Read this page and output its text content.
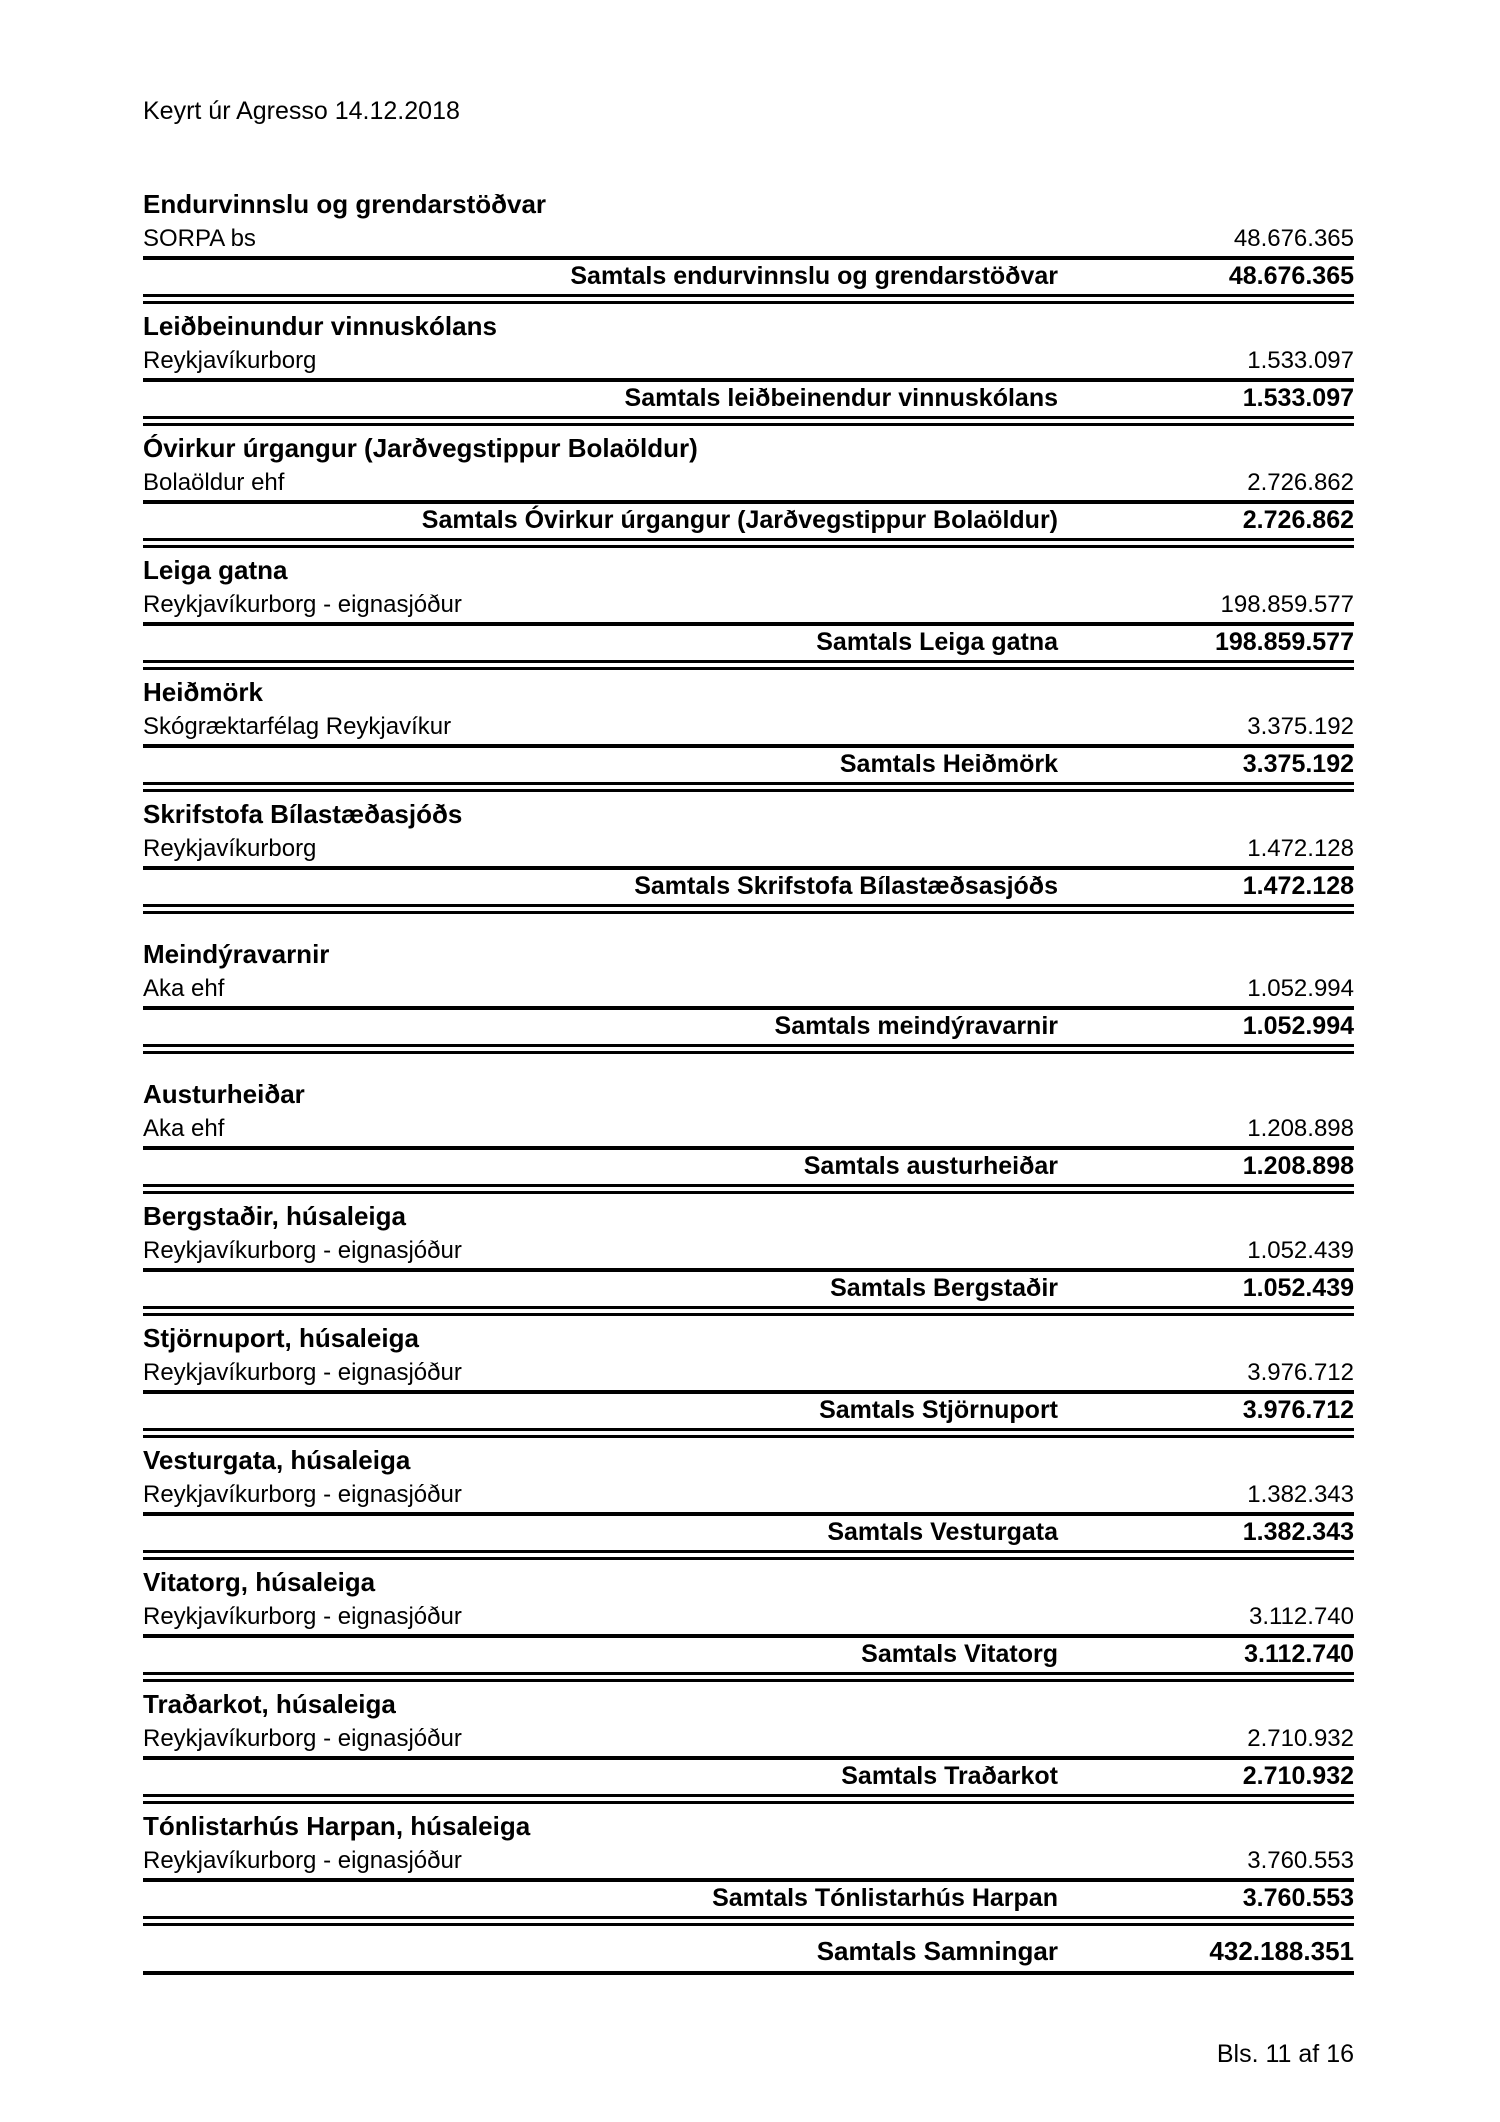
Keyrt úr Agresso 14.12.2018
Endurvinnslu og grendarstöðvar
SORPA bs	48.676.365
Samtals endurvinnslu og grendarstöðvar	48.676.365
Leiðbeinundur vinnuskólans
Reykjavíkurborg	1.533.097
Samtals leiðbeinendur vinnuskólans	1.533.097
Óvirkur úrgangur (Jarðvegstippur Bolaöldur)
Bolaöldur ehf	2.726.862
Samtals Óvirkur úrgangur (Jarðvegstippur Bolaöldur)	2.726.862
Leiga gatna
Reykjavíkurborg - eignasjóður	198.859.577
Samtals Leiga gatna	198.859.577
Heiðmörk
Skógræktarfélag Reykjavíkur	3.375.192
Samtals Heiðmörk	3.375.192
Skrifstofa Bílastæðasjóðs
Reykjavíkurborg	1.472.128
Samtals Skrifstofa Bílastæðsasjóðs	1.472.128
Meindýravarnir
Aka ehf	1.052.994
Samtals meindýravarnir	1.052.994
Austurheiðar
Aka ehf	1.208.898
Samtals austurheiðar	1.208.898
Bergstaðir, húsaleiga
Reykjavíkurborg - eignasjóður	1.052.439
Samtals Bergstaðir	1.052.439
Stjörnuport, húsaleiga
Reykjavíkurborg - eignasjóður	3.976.712
Samtals Stjörnuport	3.976.712
Vesturgata, húsaleiga
Reykjavíkurborg - eignasjóður	1.382.343
Samtals Vesturgata	1.382.343
Vitatorg, húsaleiga
Reykjavíkurborg - eignasjóður	3.112.740
Samtals Vitatorg	3.112.740
Traðarkot, húsaleiga
Reykjavíkurborg - eignasjóður	2.710.932
Samtals Traðarkot	2.710.932
Tónlistarhús Harpan, húsaleiga
Reykjavíkurborg - eignasjóður	3.760.553
Samtals Tónlistarhús Harpan	3.760.553
Samtals Samningar	432.188.351
Bls. 11 af 16
